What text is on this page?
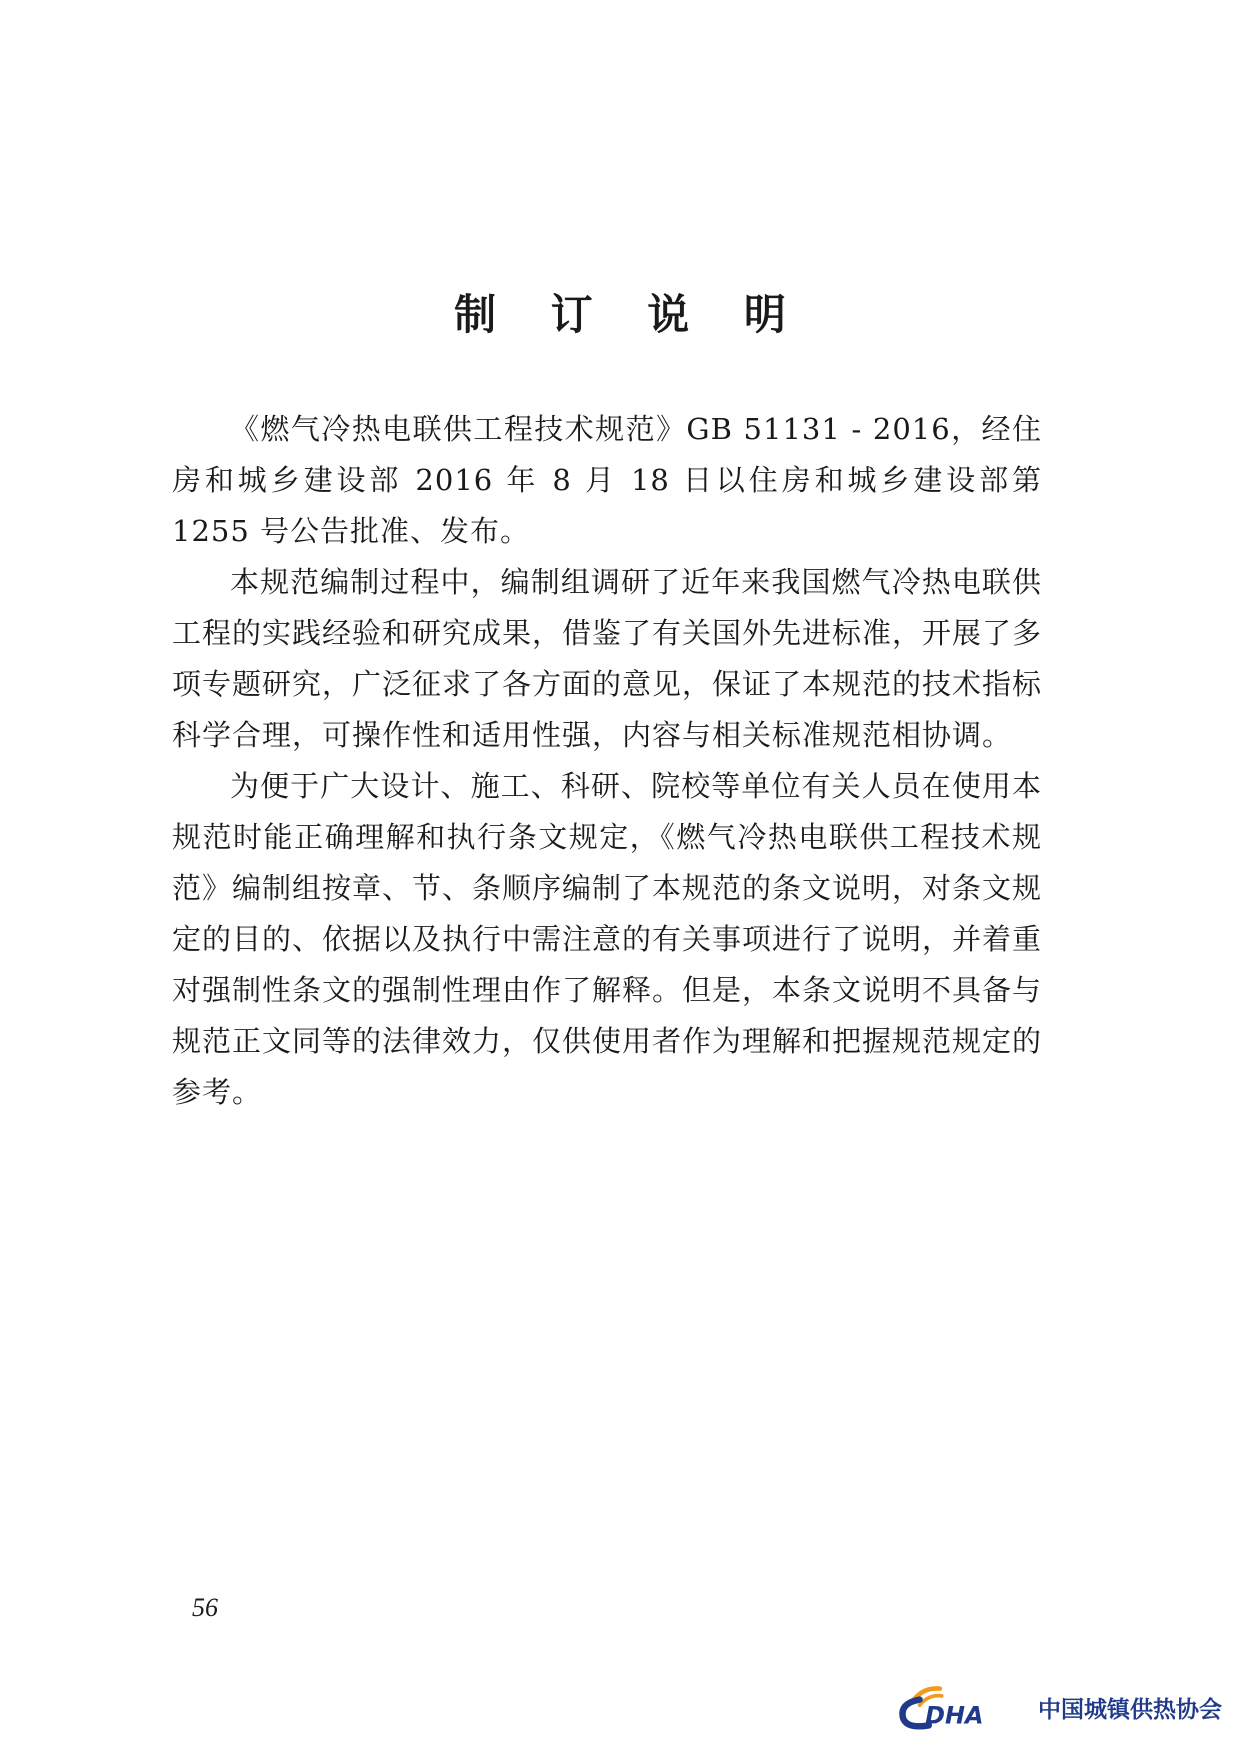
制 订 说 明

《燃气冷热电联供工程技术规范》GB 51131 - 2016，经住房和城乡建设部 2016 年 8 月 18 日以住房和城乡建设部第 1255 号公告批准、发布。

本规范编制过程中，编制组调研了近年来我国燃气冷热电联供工程的实践经验和研究成果，借鉴了有关国外先进标准，开展了多项专题研究，广泛征求了各方面的意见，保证了本规范的技术指标科学合理，可操作性和适用性强，内容与相关标准规范相协调。

为便于广大设计、施工、科研、院校等单位有关人员在使用本规范时能正确理解和执行条文规定，《燃气冷热电联供工程技术规范》编制组按章、节、条顺序编制了本规范的条文说明，对条文规定的目的、依据以及执行中需注意的有关事项进行了说明，并着重对强制性条文的强制性理由作了解释。但是，本条文说明不具备与规范正文同等的法律效力，仅供使用者作为理解和把握规范规定的参考。

56
DHA 中国城镇供热协会
